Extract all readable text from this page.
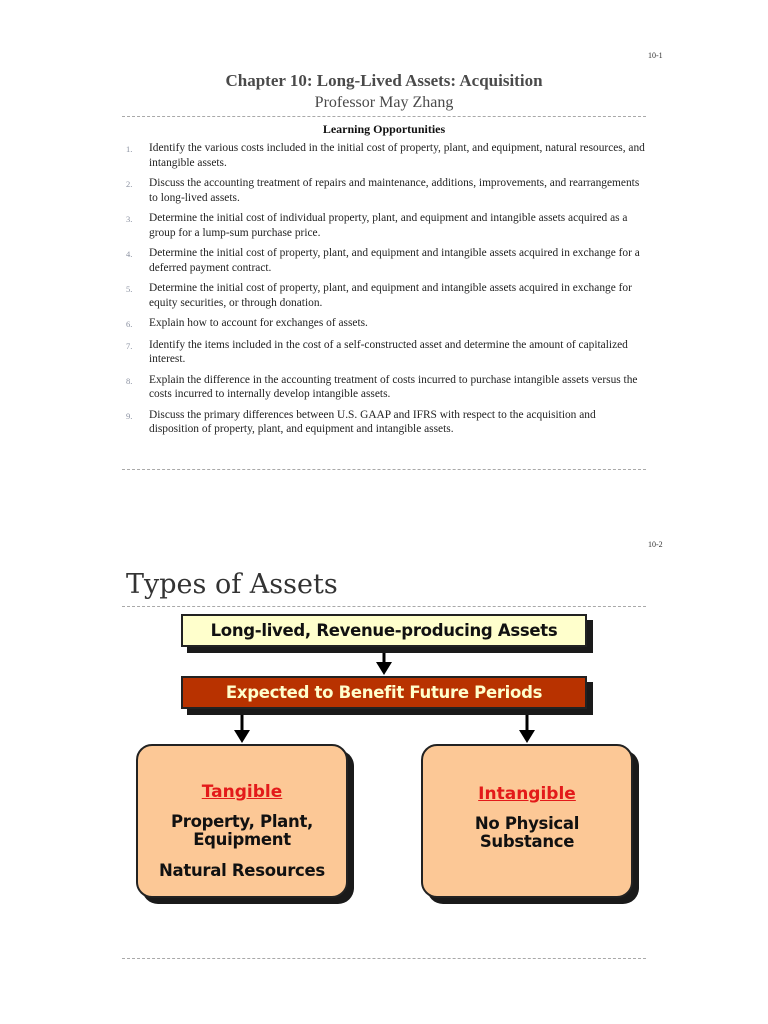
10-1
Chapter 10: Long-Lived Assets: Acquisition
Professor May Zhang
Learning Opportunities
1.	Identify the various costs included in the initial cost of property, plant, and equipment, natural resources, and intangible assets.
2.	Discuss the accounting treatment of repairs and maintenance, additions, improvements, and rearrangements to long-lived assets.
3.	Determine the initial cost of individual property, plant, and equipment and intangible assets acquired as a group for a lump-sum purchase price.
4.	Determine the initial cost of property, plant, and equipment and intangible assets acquired in exchange for a deferred payment contract.
5.	Determine the initial cost of property, plant, and equipment and intangible assets acquired in exchange for equity securities, or through donation.
6.	Explain how to account for exchanges of assets.
7.	Identify the items included in the cost of a self-constructed asset and determine the amount of capitalized interest.
8.	Explain the difference in the accounting treatment of costs incurred to purchase intangible assets versus the costs incurred to internally develop intangible assets.
9.	Discuss the primary differences between U.S. GAAP and IFRS with respect to the acquisition and disposition of property, plant, and equipment and intangible assets.
10-2
Types of Assets
Long-lived, Revenue-producing Assets
Expected to Benefit Future Periods
Tangible
Property, Plant,
Equipment
Natural Resources
Intangible
No Physical
Substance
